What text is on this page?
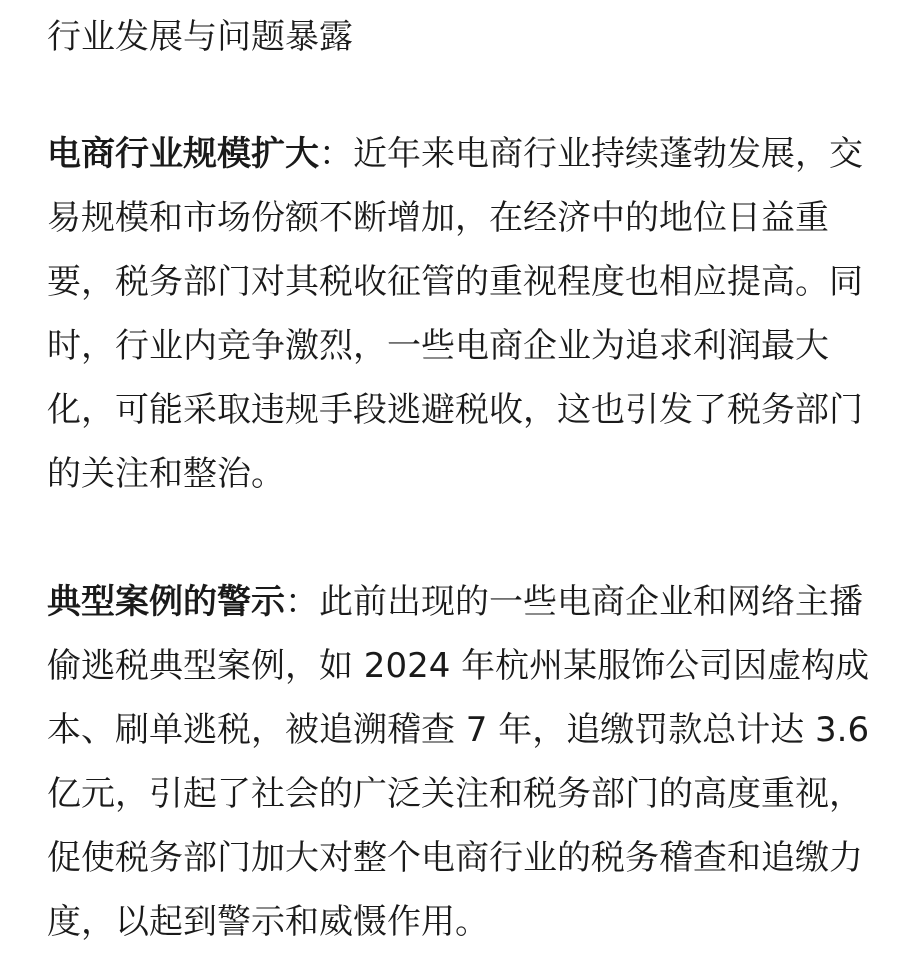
行业发展与问题暴露

电商行业规模扩大：近年来电商行业持续蓬勃发展，交易规模和市场份额不断增加，在经济中的地位日益重要，税务部门对其税收征管的重视程度也相应提高。同时，行业内竞争激烈，一些电商企业为追求利润最大化，可能采取违规手段逃避税收，这也引发了税务部门的关注和整治。

典型案例的警示：此前出现的一些电商企业和网络主播偷逃税典型案例，如 2024 年杭州某服饰公司因虚构成本、刷单逃税，被追溯稽查 7 年，追缴罚款总计达 3.6 亿元，引起了社会的广泛关注和税务部门的高度重视，促使税务部门加大对整个电商行业的税务稽查和追缴力度，以起到警示和威慑作用。
